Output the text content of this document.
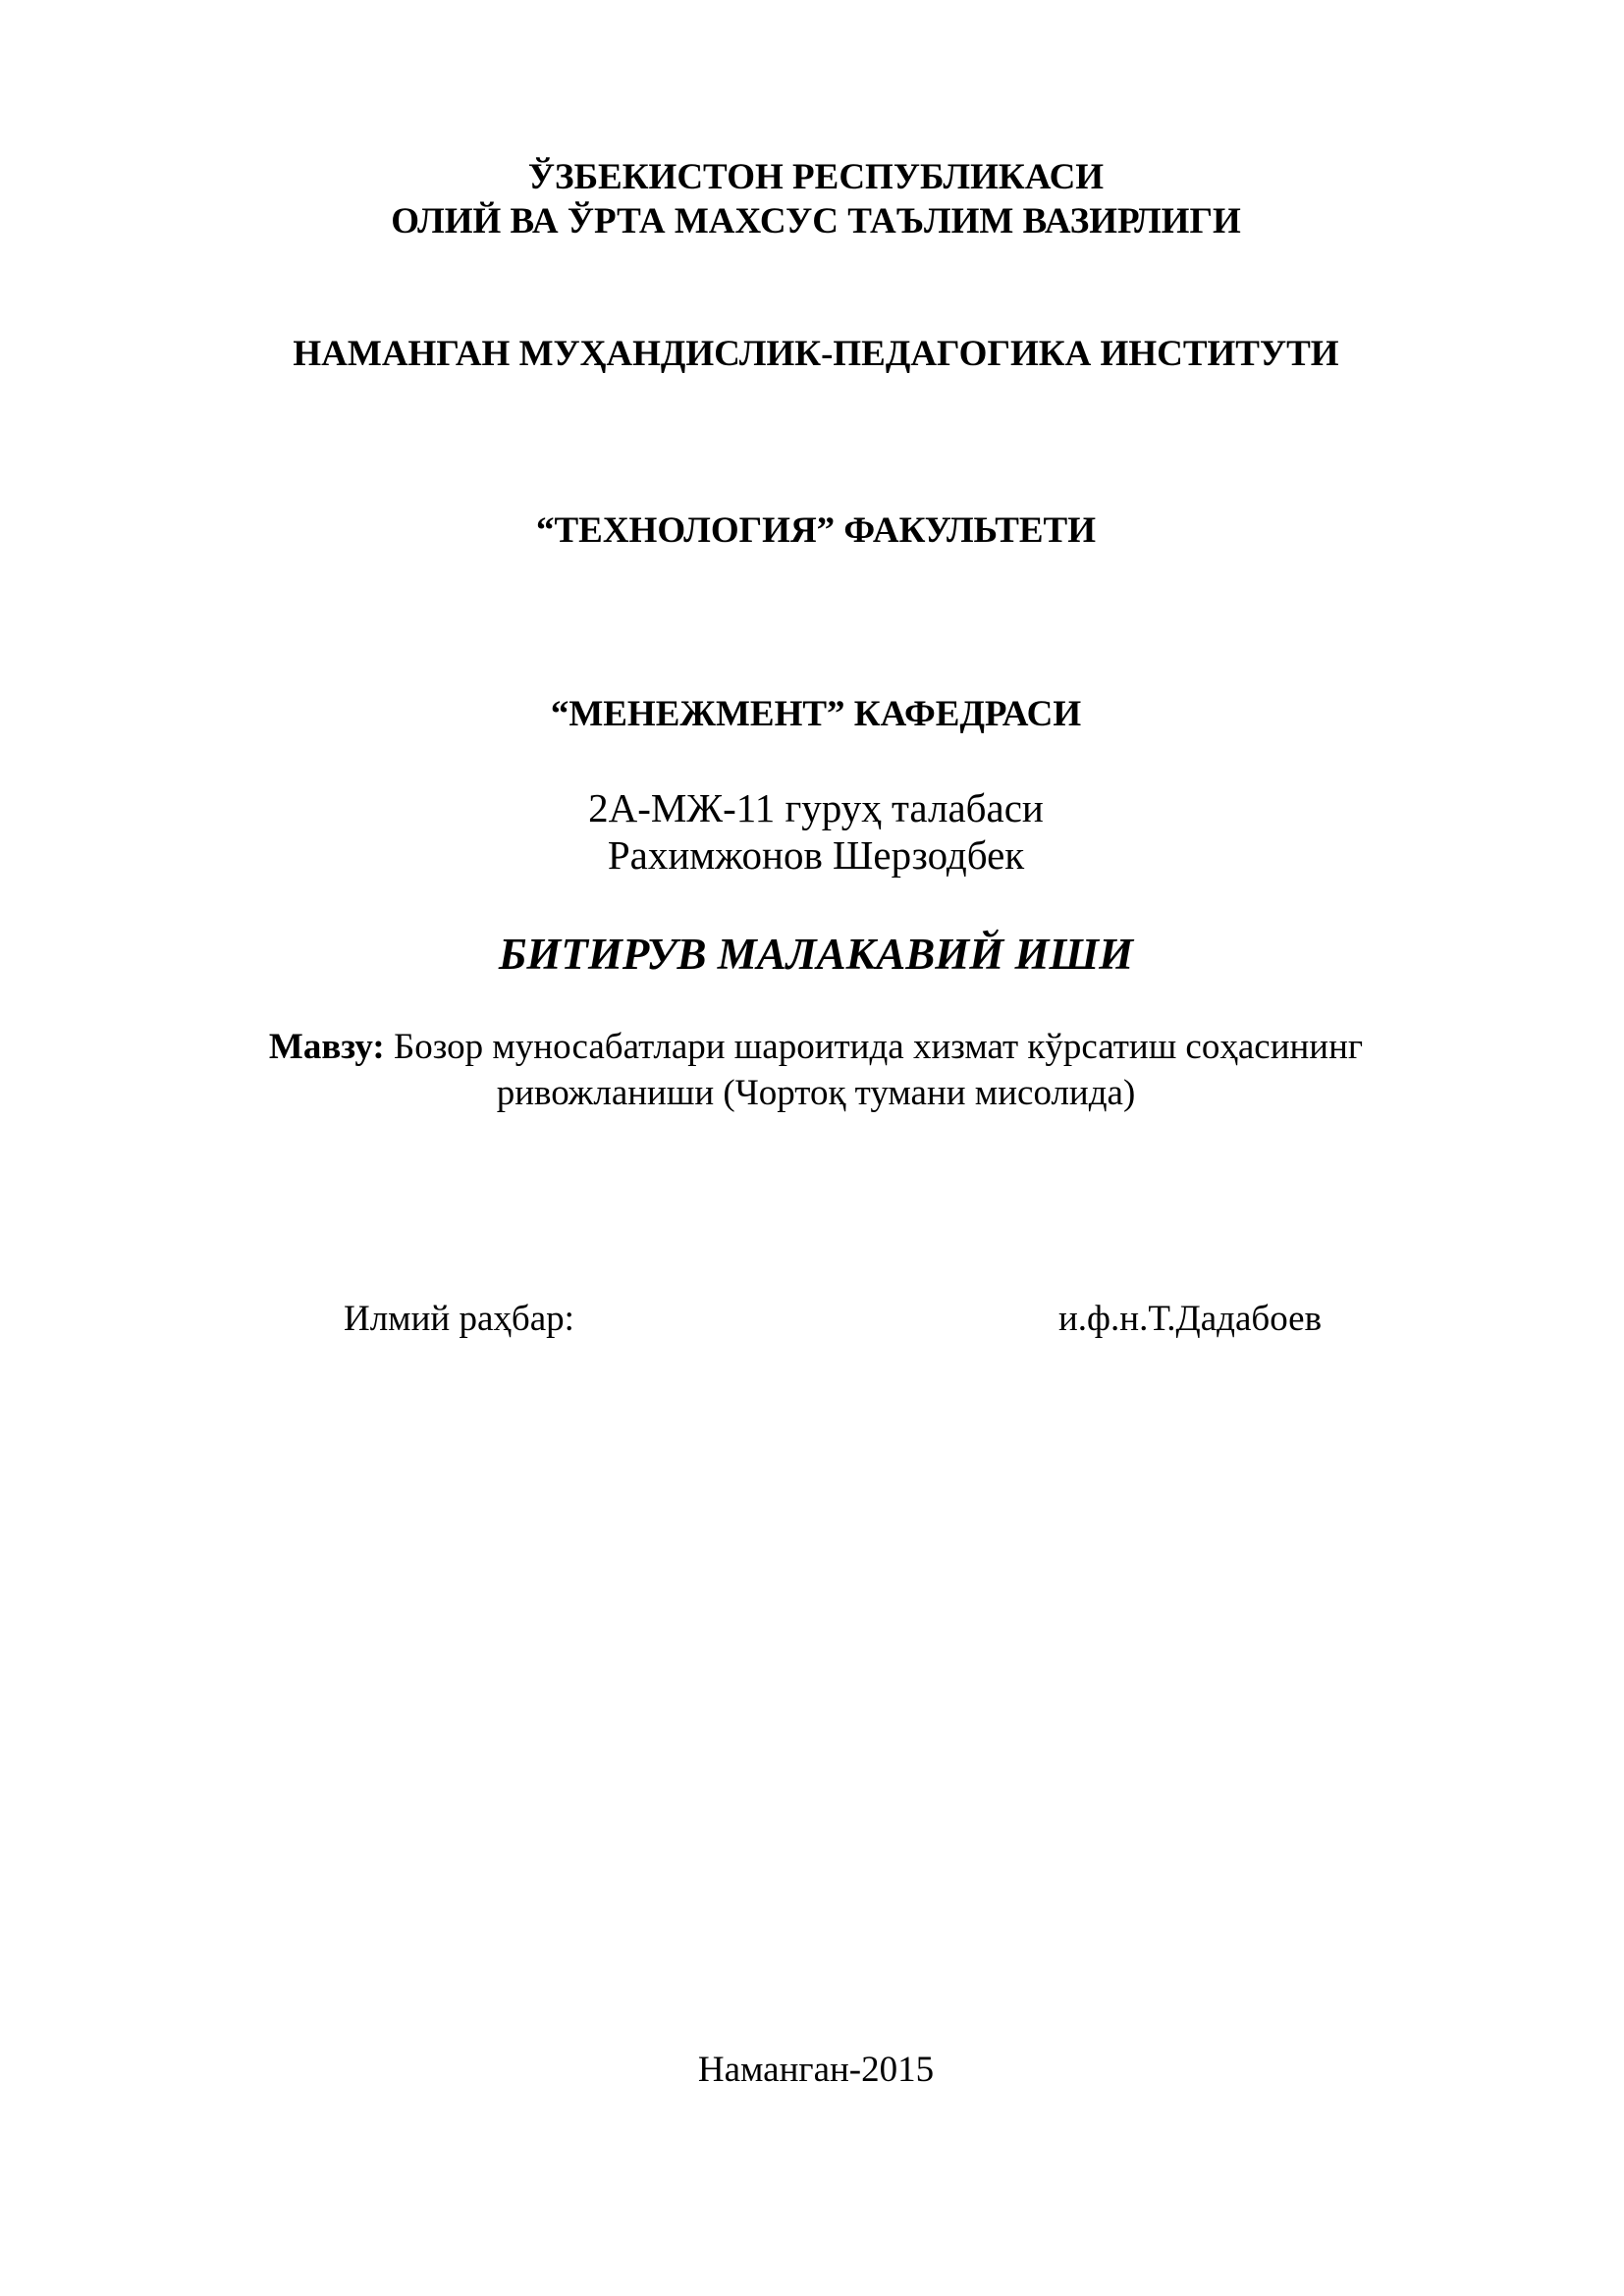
ЎЗБЕКИСТОН РЕСПУБЛИКАСИ
ОЛИЙ ВА ЎРТА МАХСУС ТАЪЛИМ ВАЗИРЛИГИ
НАМАНГАН МУҲАНДИСЛИК-ПЕДАГОГИКА ИНСТИТУТИ
“ТЕХНОЛОГИЯ” ФАКУЛЬТЕТИ
“МЕНЕЖМЕНТ” КАФЕДРАСИ
2А-МЖ-11 гуруҳ талабаси
Рахимжонов Шерзодбек
БИТИРУВ МАЛАКАВИЙ ИШИ
Мавзу: Бозор муносабатлари шароитида хизмат кўрсатиш соҳасининг
ривожланиши (Чортоқ тумани мисолида)
Илмий раҳбар:	и.ф.н.Т.Дадабоев
Наманган-2015
